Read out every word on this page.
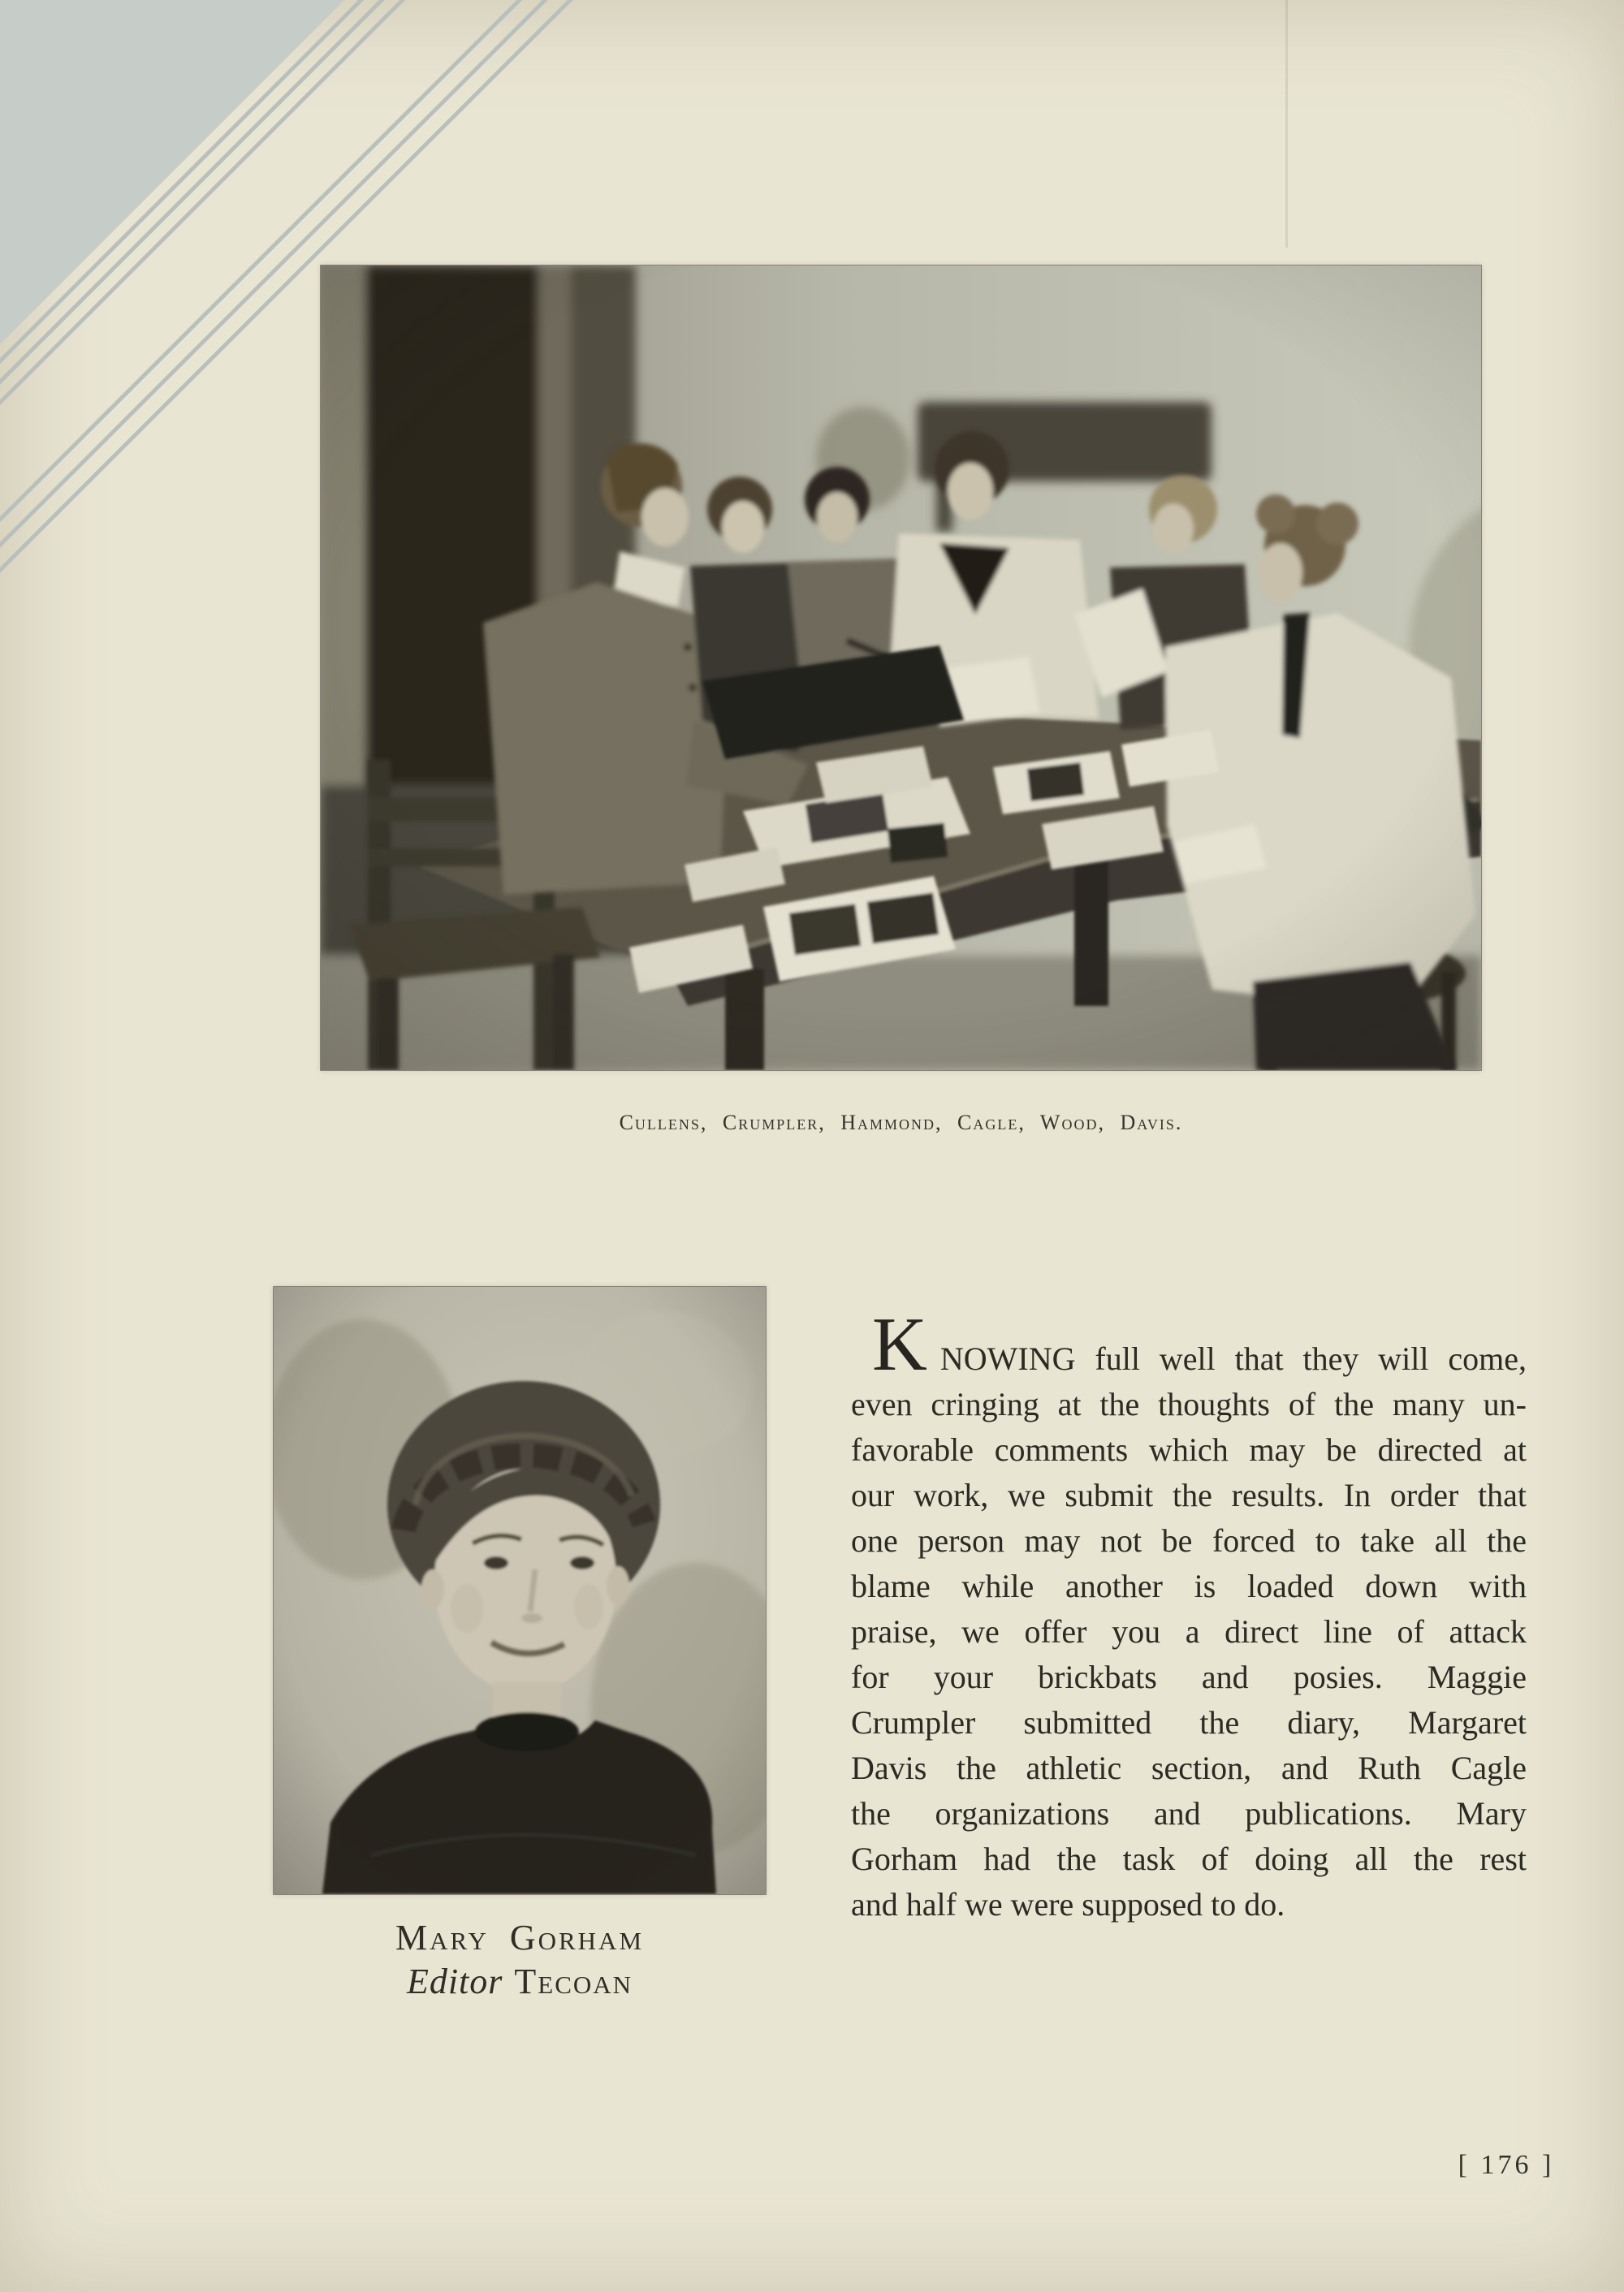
Cullens, Crumpler, Hammond, Cagle, Wood, Davis.
Mary Gorham
Editor Tecoan
KNOWING full well that they will come,
even cringing at the thoughts of the many un-
favorable comments which may be directed at
our work, we submit the results. In order that
one person may not be forced to take all the
blame while another is loaded down with
praise, we offer you a direct line of attack
for your brickbats and posies. Maggie
Crumpler submitted the diary, Margaret
Davis the athletic section, and Ruth Cagle
the organizations and publications. Mary
Gorham had the task of doing all the rest
and half we were supposed to do.
[ 176 ]
